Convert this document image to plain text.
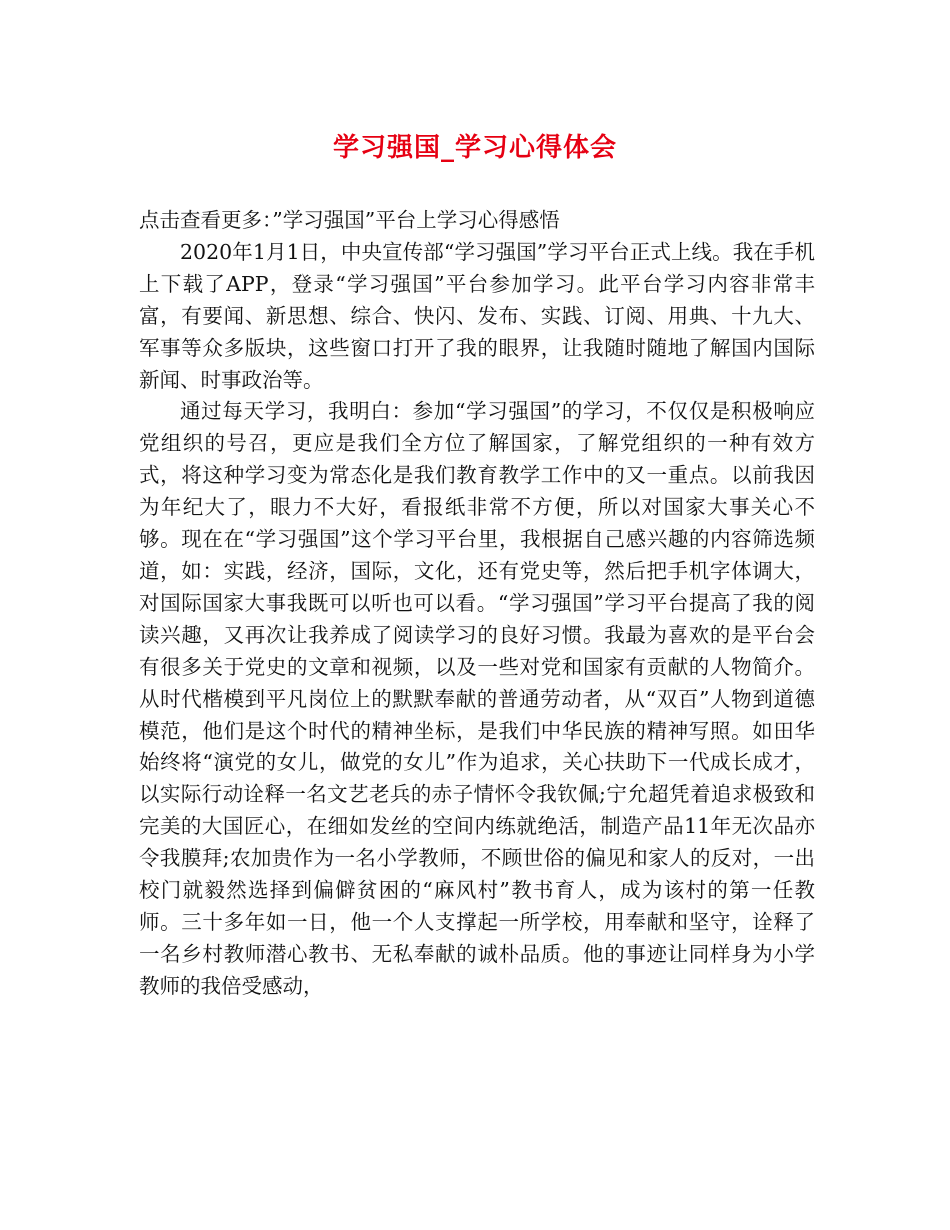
学习强国_学习心得体会

点击查看更多：”学习强国”平台上学习心得感悟

2020年1月1日，中央宣传部“学习强国”学习平台正式上线。我在手机上下载了APP，登录“学习强国”平台参加学习。此平台学习内容非常丰富，有要闻、新思想、综合、快闪、发布、实践、订阅、用典、十九大、军事等众多版块，这些窗口打开了我的眼界，让我随时随地了解国内国际新闻、时事政治等。

通过每天学习，我明白：参加“学习强国”的学习，不仅仅是积极响应党组织的号召，更应是我们全方位了解国家，了解党组织的一种有效方式，将这种学习变为常态化是我们教育教学工作中的又一重点。以前我因为年纪大了，眼力不大好，看报纸非常不方便，所以对国家大事关心不够。现在在“学习强国”这个学习平台里，我根据自己感兴趣的内容筛选频道，如：实践，经济，国际，文化，还有党史等，然后把手机字体调大，对国际国家大事我既可以听也可以看。“学习强国”学习平台提高了我的阅读兴趣，又再次让我养成了阅读学习的良好习惯。我最为喜欢的是平台会有很多关于党史的文章和视频，以及一些对党和国家有贡献的人物简介。从时代楷模到平凡岗位上的默默奉献的普通劳动者，从“双百”人物到道德模范，他们是这个时代的精神坐标，是我们中华民族的精神写照。如田华始终将“演党的女儿，做党的女儿”作为追求，关心扶助下一代成长成才，以实际行动诠释一名文艺老兵的赤子情怀令我钦佩;宁允超凭着追求极致和完美的大国匠心，在细如发丝的空间内练就绝活，制造产品11年无次品亦令我膜拜;农加贵作为一名小学教师，不顾世俗的偏见和家人的反对，一出校门就毅然选择到偏僻贫困的“麻风村”教书育人，成为该村的第一任教师。三十多年如一日，他一个人支撑起一所学校，用奉献和坚守，诠释了一名乡村教师潜心教书、无私奉献的诚朴品质。他的事迹让同样身为小学教师的我倍受感动，
